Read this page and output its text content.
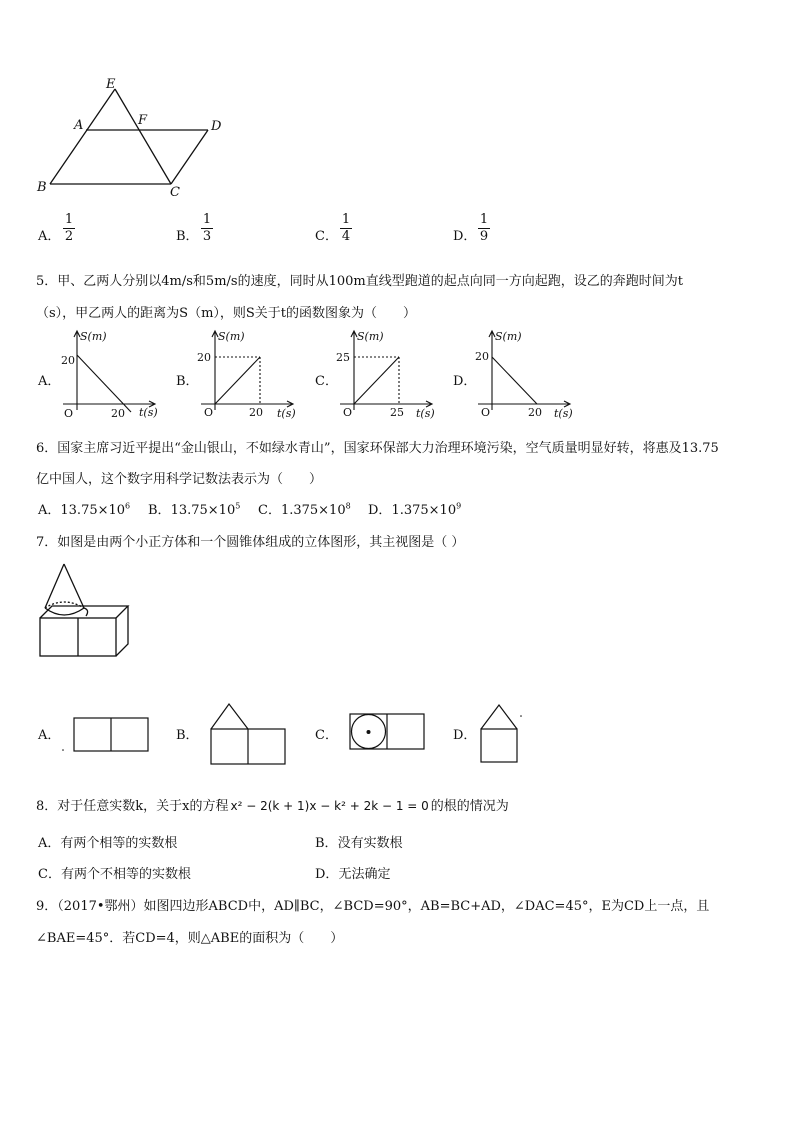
E
A	F	D
B	C
A．
1
2	B．
1
3	C．
1
4	D．
1
9
5．甲、乙两人分别以4m/s和5m/s的速度，同时从100m直线型跑道的起点向同一方向起跑，设乙的奔跑时间为t
（s），甲乙两人的距离为S（m），则S关于t的函数图象为（　　）
A．
S(m)
20
O	20 t(s)
B．
S(m)
20
O	20 t(s)
C．
S(m)
25
O	25 t(s)
D．
S(m)
20
O	20 t(s)
6．国家主席习近平提出“金山银山，不如绿水青山”，国家环保部大力治理环境污染，空气质量明显好转，将惠及13.75
亿中国人，这个数字用科学记数法表示为（　　）
A．$13.75\times 10^6$ B．$13.75\times 10^5$ C．$1.375\times 10^8$ D．$1.375\times 10^9$
7．如图是由两个小正方体和一个圆锥体组成的立体图形，其主视图是（ ）
A．	B．	C．	D．
8．对于任意实数k，关于x的方程 x² − 2(k + 1)x − k² + 2k − 1 = 0 的根的情况为
A．有两个相等的实数根	B．没有实数根
C．有两个不相等的实数根	D．无法确定
9．（2017•鄂州）如图四边形ABCD中，AD∥BC，∠BCD=90°，AB=BC+AD，∠DAC=45°，E为CD上一点，且
∠BAE=45°．若CD=4，则△ABE的面积为（　　）
